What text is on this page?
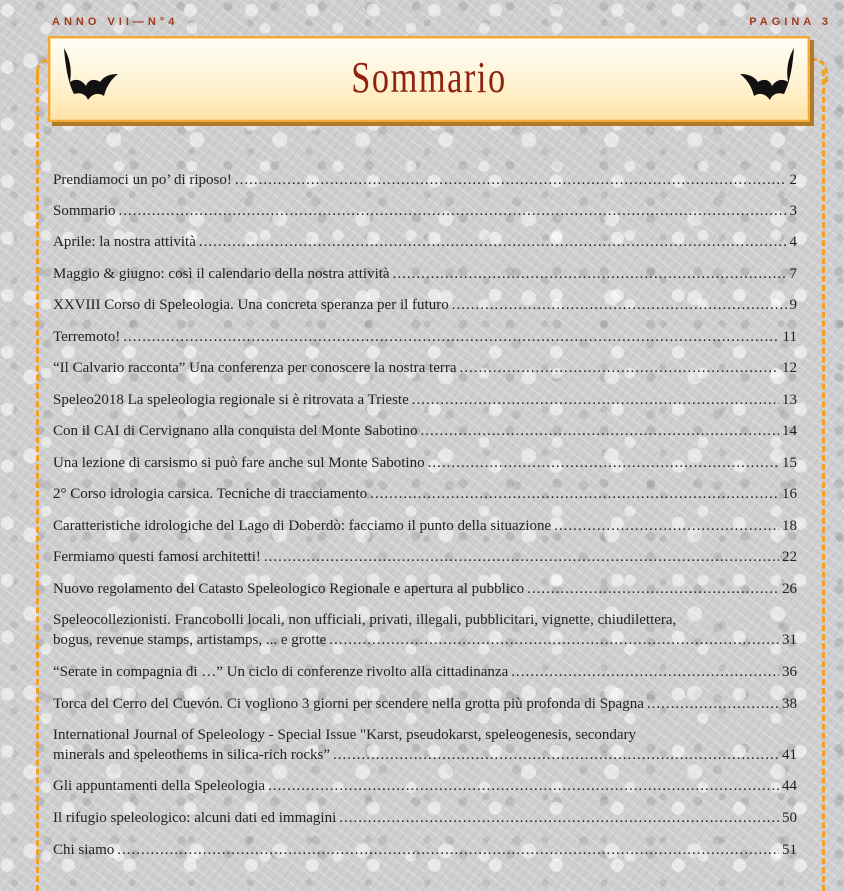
ANNO VII—N°4	PAGINA 3
Sommario
Prendiamoci un po’ di riposo! .....	2
Sommario .....	3
Aprile: la nostra attività .....	4
Maggio & giugno: così il calendario della nostra attività .....	7
XXVIII Corso di Speleologia. Una concreta speranza per il futuro .....	9
Terremoto! .....	11
“Il Calvario racconta” Una conferenza per conoscere la nostra terra .....	12
Speleo2018 La speleologia regionale si è ritrovata a Trieste .....	13
Con il CAI di Cervignano alla conquista del Monte Sabotino .....	14
Una lezione di carsismo si può fare anche sul Monte Sabotino .....	15
2° Corso idrologia carsica. Tecniche di tracciamento .....	16
Caratteristiche idrologiche del Lago di Doberdò: facciamo il punto della situazione .....	18
Fermiamo questi famosi architetti! .....	22
Nuovo regolamento del Catasto Speleologico Regionale e apertura al pubblico .....	26
Speleocollezionisti. Francobolli locali, non ufficiali, privati, illegali, pubblicitari, vignette, chiudilettera,
bogus, revenue stamps, artistamps, ... e grotte .....	31
“Serate in compagnia di …” Un ciclo di conferenze rivolto alla cittadinanza .....	36
Torca del Cerro del Cuevón. Ci vogliono 3 giorni per scendere nella grotta più profonda di Spagna .....	38
International Journal of Speleology - Special Issue "Karst, pseudokarst, speleogenesis, secondary
minerals and speleothems in silica-rich rocks” .....	41
Gli appuntamenti della Speleologia .....	44
Il rifugio speleologico: alcuni dati ed immagini .....	50
Chi siamo .....	51
